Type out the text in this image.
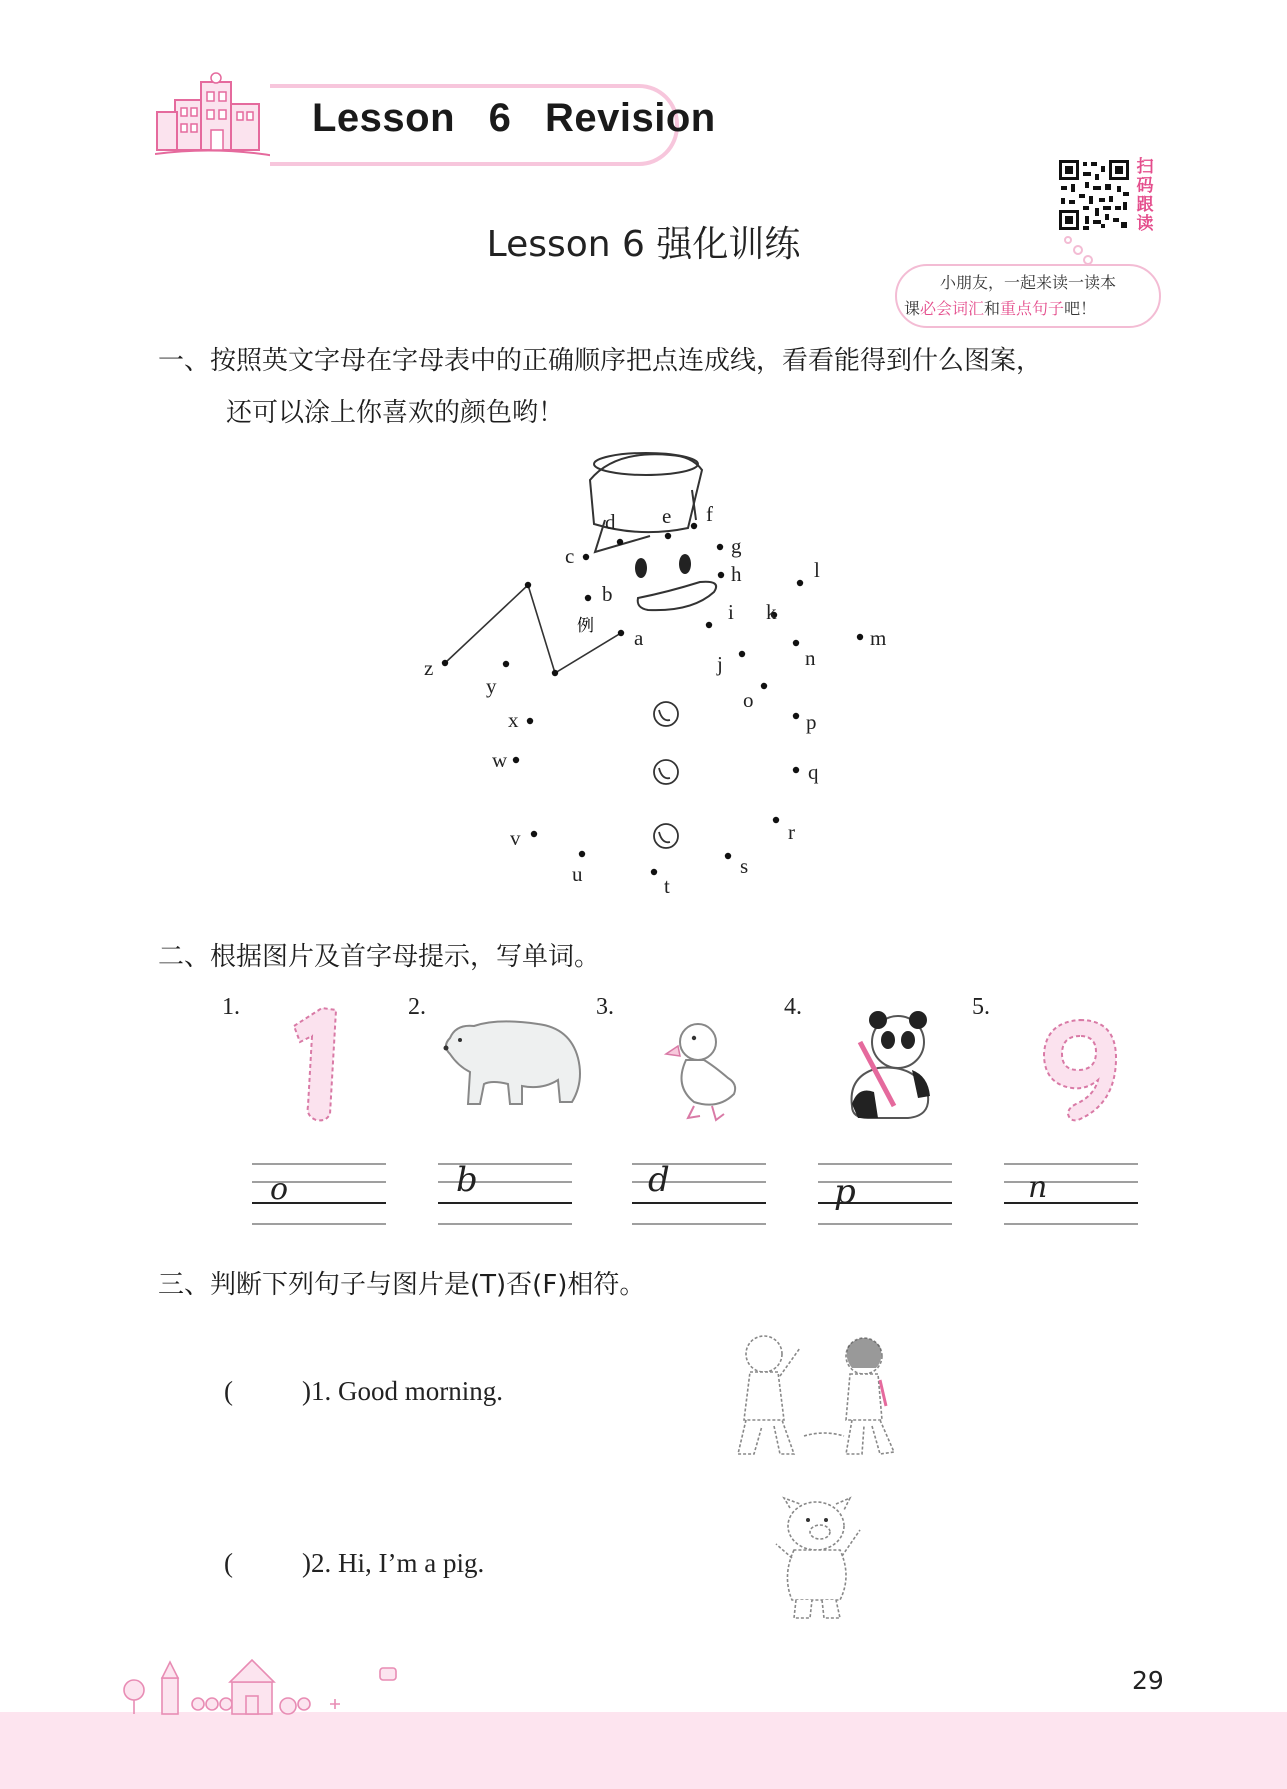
Lesson 6 Revision
扫码跟读
Lesson 6 强化训练
小朋友，一起来读一读本
课必会词汇和重点句子吧！
一、按照英文字母在字母表中的正确顺序把点连成线，看看能得到什么图案，
还可以涂上你喜欢的颜色哟！
例 a
b
c
d e f
g
h
i
j
k
l
m
n
o
p
q
r
s
t
u
v
w
x
y
z
二、根据图片及首字母提示，写单词。
1.	2.	3.	4.	5.
o	b	d	p	n
三、判断下列句子与图片是(T)否(F)相符。
(	)1. Good morning.
(	)2. Hi, I’m a pig.
29
